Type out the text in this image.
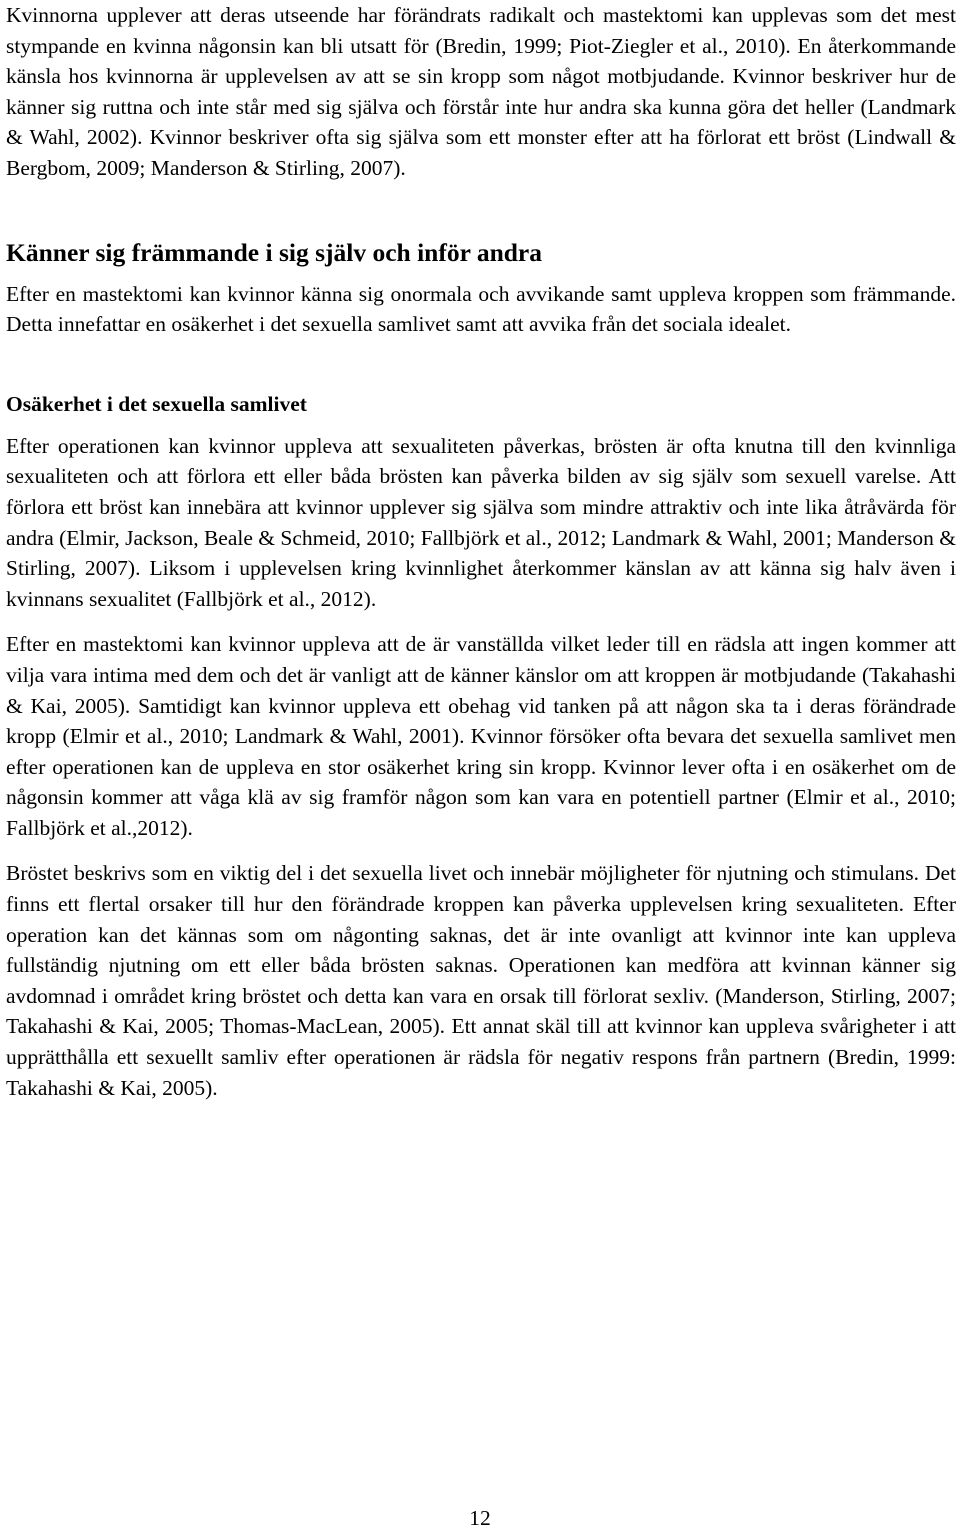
Kvinnorna upplever att deras utseende har förändrats radikalt och mastektomi kan upplevas som det mest stympande en kvinna någonsin kan bli utsatt för (Bredin, 1999; Piot-Ziegler et al., 2010). En återkommande känsla hos kvinnorna är upplevelsen av att se sin kropp som något motbjudande. Kvinnor beskriver hur de känner sig ruttna och inte står med sig själva och förstår inte hur andra ska kunna göra det heller (Landmark & Wahl, 2002). Kvinnor beskriver ofta sig själva som ett monster efter att ha förlorat ett bröst (Lindwall & Bergbom, 2009; Manderson & Stirling, 2007).

Känner sig främmande i sig själv och inför andra

Efter en mastektomi kan kvinnor känna sig onormala och avvikande samt uppleva kroppen som främmande. Detta innefattar en osäkerhet i det sexuella samlivet samt att avvika från det sociala idealet.

Osäkerhet i det sexuella samlivet

Efter operationen kan kvinnor uppleva att sexualiteten påverkas, brösten är ofta knutna till den kvinnliga sexualiteten och att förlora ett eller båda brösten kan påverka bilden av sig själv som sexuell varelse. Att förlora ett bröst kan innebära att kvinnor upplever sig själva som mindre attraktiv och inte lika åtråvärda för andra (Elmir, Jackson, Beale & Schmeid, 2010; Fallbjörk et al., 2012; Landmark & Wahl, 2001; Manderson & Stirling, 2007). Liksom i upplevelsen kring kvinnlighet återkommer känslan av att känna sig halv även i kvinnans sexualitet (Fallbjörk et al., 2012).

Efter en mastektomi kan kvinnor uppleva att de är vanställda vilket leder till en rädsla att ingen kommer att vilja vara intima med dem och det är vanligt att de känner känslor om att kroppen är motbjudande (Takahashi & Kai, 2005). Samtidigt kan kvinnor uppleva ett obehag vid tanken på att någon ska ta i deras förändrade kropp (Elmir et al., 2010; Landmark & Wahl, 2001). Kvinnor försöker ofta bevara det sexuella samlivet men efter operationen kan de uppleva en stor osäkerhet kring sin kropp. Kvinnor lever ofta i en osäkerhet om de någonsin kommer att våga klä av sig framför någon som kan vara en potentiell partner (Elmir et al., 2010; Fallbjörk et al.,2012).

Bröstet beskrivs som en viktig del i det sexuella livet och innebär möjligheter för njutning och stimulans. Det finns ett flertal orsaker till hur den förändrade kroppen kan påverka upplevelsen kring sexualiteten. Efter operation kan det kännas som om någonting saknas, det är inte ovanligt att kvinnor inte kan uppleva fullständig njutning om ett eller båda brösten saknas. Operationen kan medföra att kvinnan känner sig avdomnad i området kring bröstet och detta kan vara en orsak till förlorat sexliv. (Manderson, Stirling, 2007; Takahashi & Kai, 2005; Thomas-MacLean, 2005). Ett annat skäl till att kvinnor kan uppleva svårigheter i att upprätthålla ett sexuellt samliv efter operationen är rädsla för negativ respons från partnern (Bredin, 1999: Takahashi & Kai, 2005).

12
